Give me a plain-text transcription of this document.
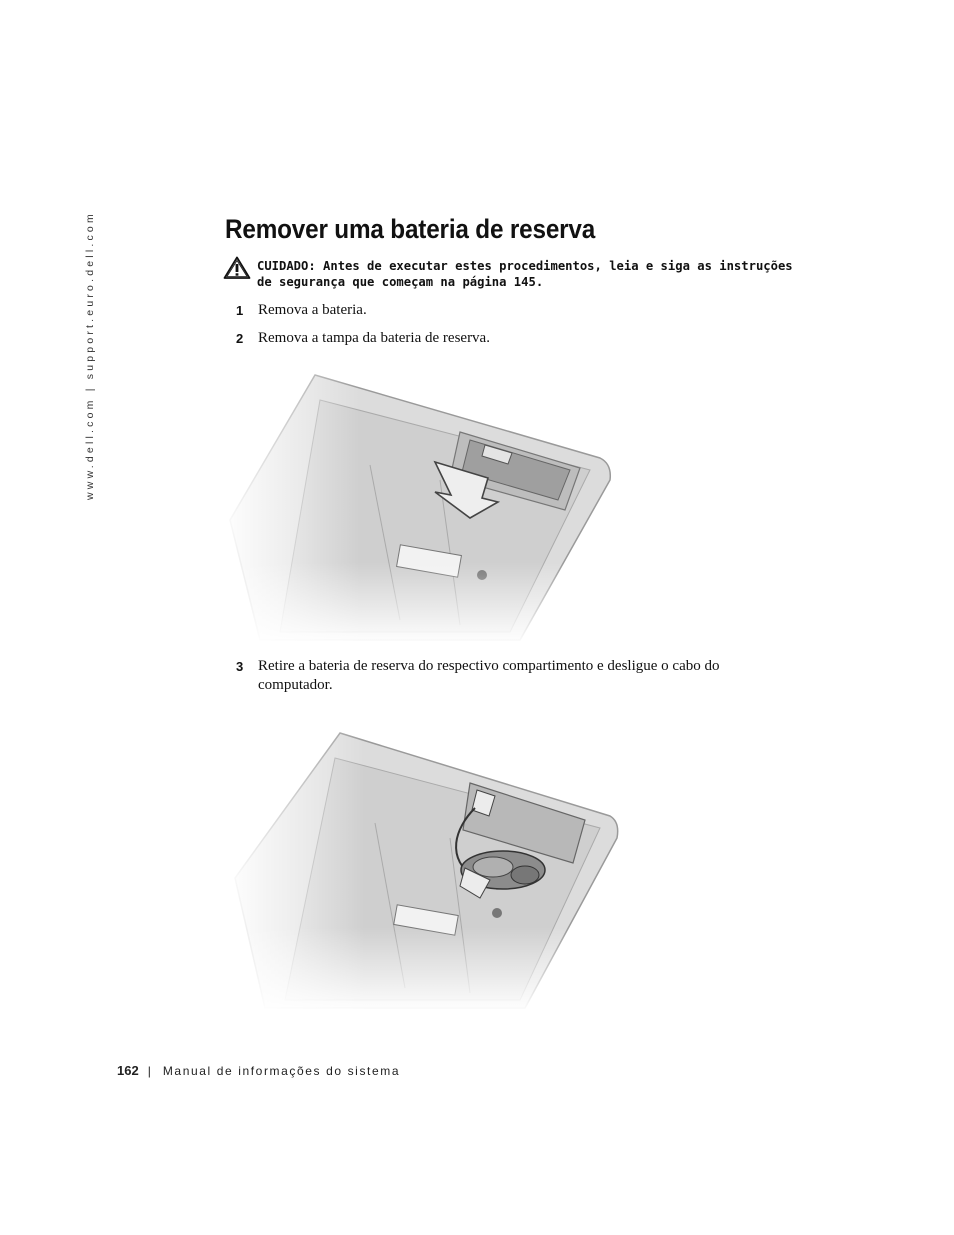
www.dell.com | support.euro.dell.com	Remover uma bateria de reserva
CUIDADO: Antes de executar estes procedimentos, leia e siga as instruções
de segurança que começam na página 145.
1 Remova a bateria.
2 Remova a tampa da bateria de reserva.
3 Retire a bateria de reserva do respectivo compartimento e desligue o cabo do computador.
162 | Manual de informações do sistema
